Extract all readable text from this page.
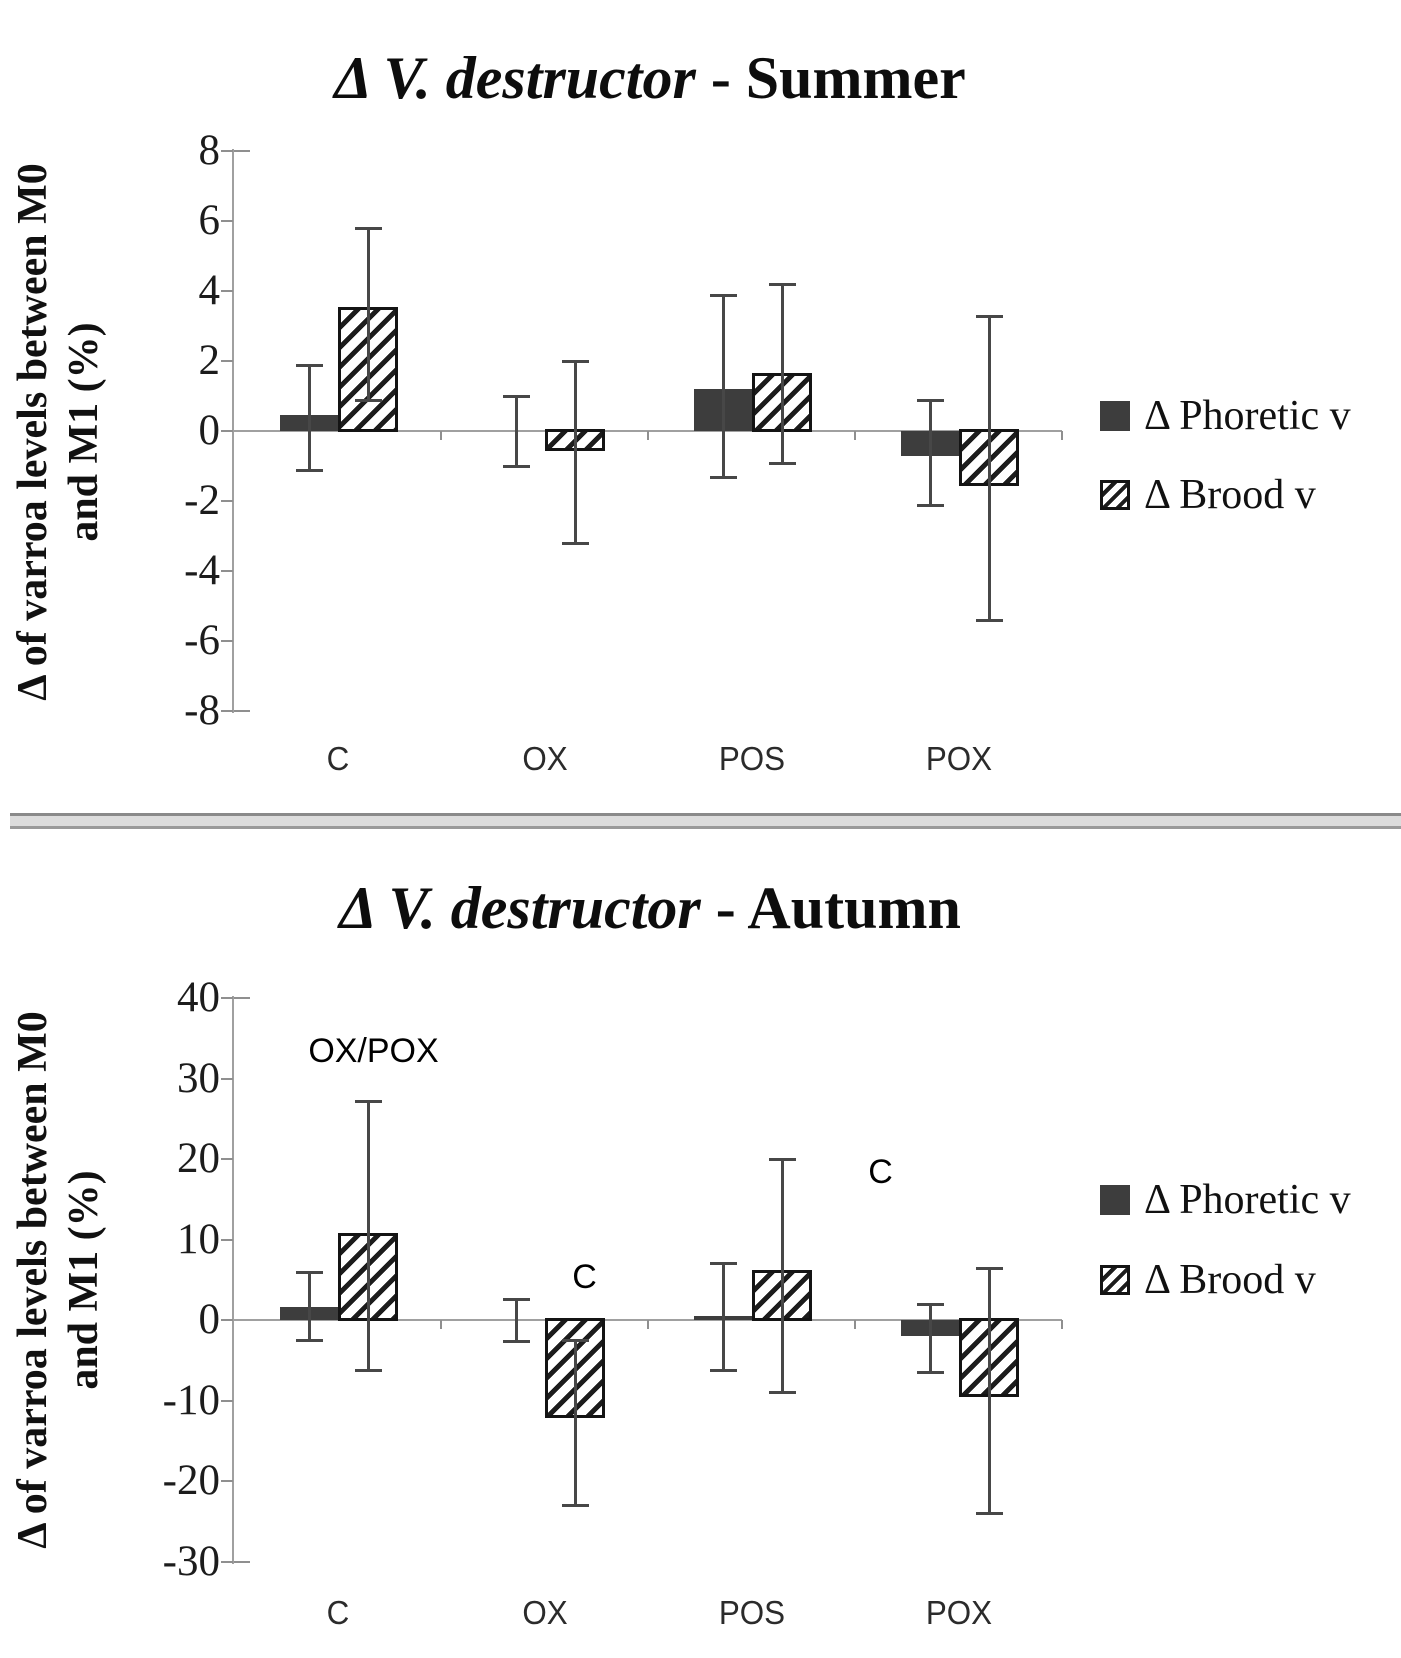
Δ V. destructor - Summer
Δ of varroa levels between M0 and M1 (%)	Δ Phoretic v
Δ Brood v
Δ V. destructor - Autumn
Δ of varroa levels between M0 and M1 (%)	Δ Phoretic v
Δ Brood v
8
6
4
2
0
-2
-4
-6
-8
C	OX	POS	POX
40
30
20
10
0
-10
-20
-30
C	OX	POS	POX
OX/POX
C
C
